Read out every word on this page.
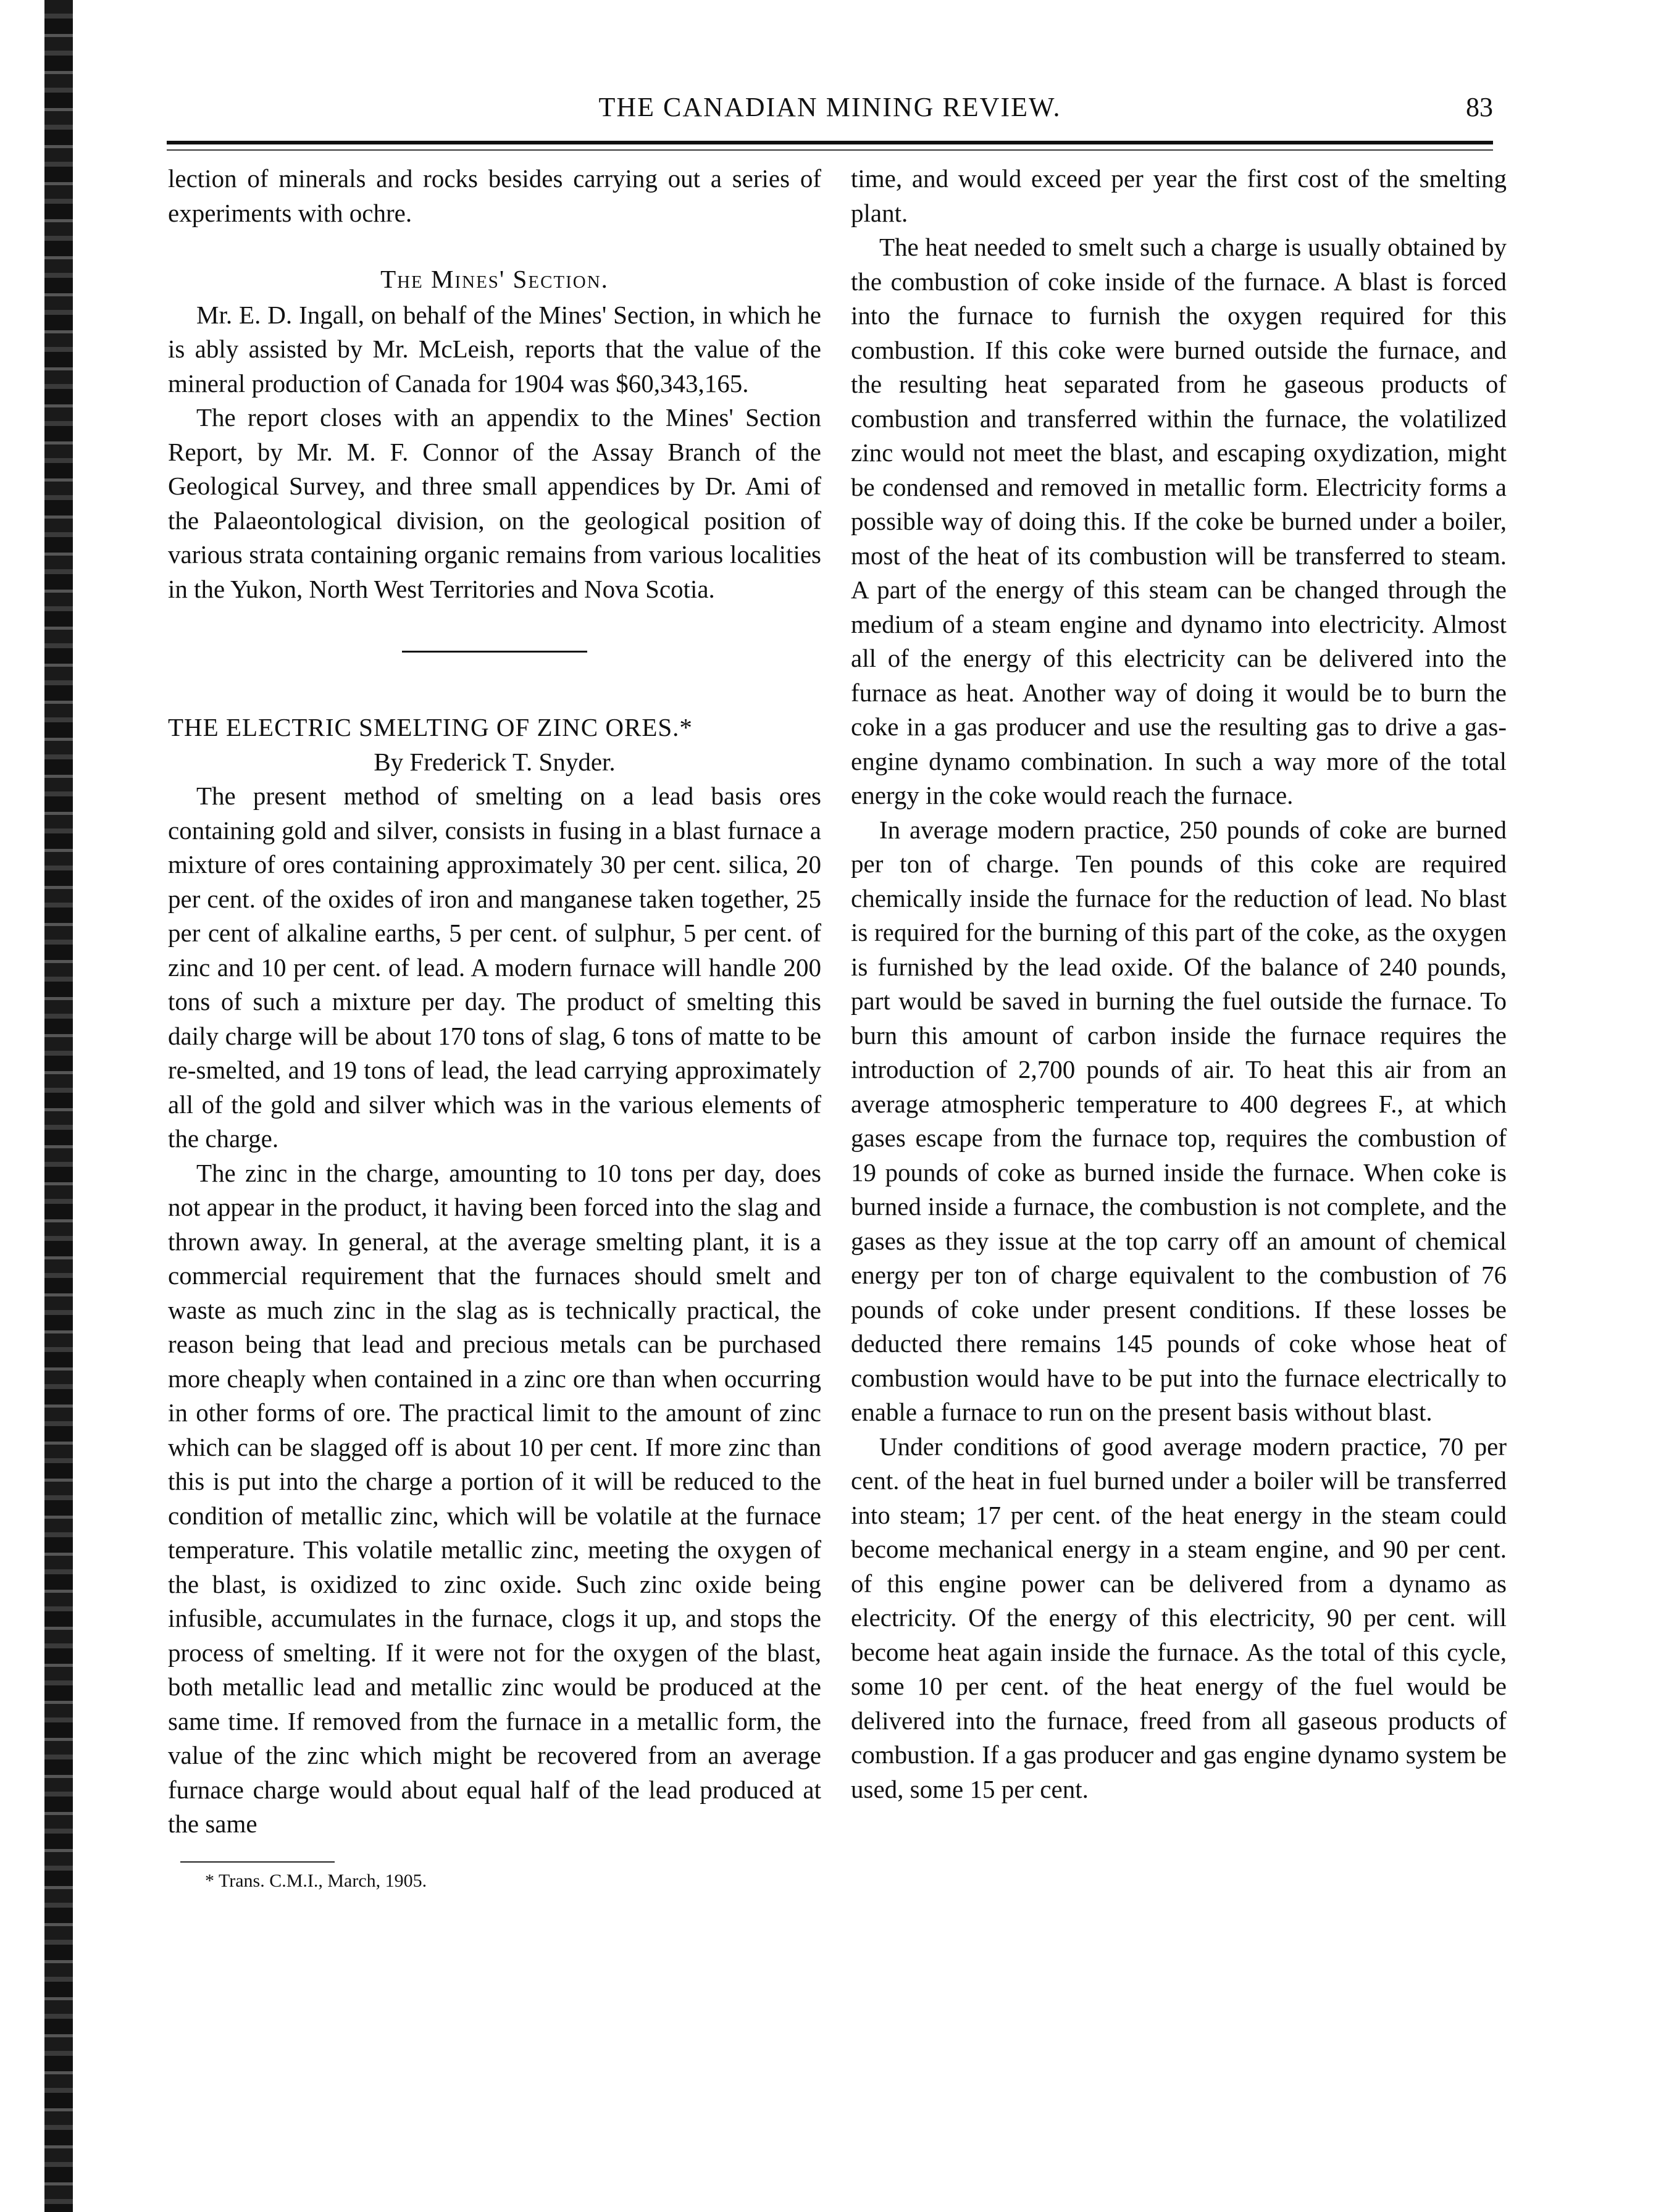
THE CANADIAN MINING REVIEW.	83

lection of minerals and rocks besides carrying out a series of experiments with ochre.

The Mines' Section.

Mr. E. D. Ingall, on behalf of the Mines' Section, in which he is ably assisted by Mr. McLeish, reports that the value of the mineral production of Canada for 1904 was $60,343,165.

The report closes with an appendix to the Mines' Section Report, by Mr. M. F. Connor of the Assay Branch of the Geological Survey, and three small appendices by Dr. Ami of the Palaeontological division, on the geological position of various strata containing organic remains from various localities in the Yukon, North West Territories and Nova Scotia.

THE ELECTRIC SMELTING OF ZINC ORES.*

By Frederick T. Snyder.

The present method of smelting on a lead basis ores containing gold and silver, consists in fusing in a blast furnace a mixture of ores containing approximately 30 per cent. silica, 20 per cent. of the oxides of iron and manganese taken together, 25 per cent of alkaline earths, 5 per cent. of sulphur, 5 per cent. of zinc and 10 per cent. of lead. A modern furnace will handle 200 tons of such a mixture per day. The product of smelting this daily charge will be about 170 tons of slag, 6 tons of matte to be re-smelted, and 19 tons of lead, the lead carrying approximately all of the gold and silver which was in the various elements of the charge.

The zinc in the charge, amounting to 10 tons per day, does not appear in the product, it having been forced into the slag and thrown away. In general, at the average smelting plant, it is a commercial requirement that the furnaces should smelt and waste as much zinc in the slag as is technically practical, the reason being that lead and precious metals can be purchased more cheaply when contained in a zinc ore than when occurring in other forms of ore. The practical limit to the amount of zinc which can be slagged off is about 10 per cent. If more zinc than this is put into the charge a portion of it will be reduced to the condition of metallic zinc, which will be volatile at the furnace temperature. This volatile metallic zinc, meeting the oxygen of the blast, is oxidized to zinc oxide. Such zinc oxide being infusible, accumulates in the furnace, clogs it up, and stops the process of smelting. If it were not for the oxygen of the blast, both metallic lead and metallic zinc would be produced at the same time. If removed from the furnace in a metallic form, the value of the zinc which might be recovered from an average furnace charge would about equal half of the lead produced at the same

* Trans. C.M.I., March, 1905.

time, and would exceed per year the first cost of the smelting plant.

The heat needed to smelt such a charge is usually obtained by the combustion of coke inside of the furnace. A blast is forced into the furnace to furnish the oxygen required for this combustion. If this coke were burned outside the furnace, and the resulting heat separated from he gaseous products of combustion and transferred within the furnace, the volatilized zinc would not meet the blast, and escaping oxydization, might be condensed and removed in metallic form. Electricity forms a possible way of doing this. If the coke be burned under a boiler, most of the heat of its combustion will be transferred to steam. A part of the energy of this steam can be changed through the medium of a steam engine and dynamo into electricity. Almost all of the energy of this electricity can be delivered into the furnace as heat. Another way of doing it would be to burn the coke in a gas producer and use the resulting gas to drive a gas-engine dynamo combination. In such a way more of the total energy in the coke would reach the furnace.

In average modern practice, 250 pounds of coke are burned per ton of charge. Ten pounds of this coke are required chemically inside the furnace for the reduction of lead. No blast is required for the burning of this part of the coke, as the oxygen is furnished by the lead oxide. Of the balance of 240 pounds, part would be saved in burning the fuel outside the furnace. To burn this amount of carbon inside the furnace requires the introduction of 2,700 pounds of air. To heat this air from an average atmospheric temperature to 400 degrees F., at which gases escape from the furnace top, requires the combustion of 19 pounds of coke as burned inside the furnace. When coke is burned inside a furnace, the combustion is not complete, and the gases as they issue at the top carry off an amount of chemical energy per ton of charge equivalent to the combustion of 76 pounds of coke under present conditions. If these losses be deducted there remains 145 pounds of coke whose heat of combustion would have to be put into the furnace electrically to enable a furnace to run on the present basis without blast.

Under conditions of good average modern practice, 70 per cent. of the heat in fuel burned under a boiler will be transferred into steam; 17 per cent. of the heat energy in the steam could become mechanical energy in a steam engine, and 90 per cent. of this engine power can be delivered from a dynamo as electricity. Of the energy of this electricity, 90 per cent. will become heat again inside the furnace. As the total of this cycle, some 10 per cent. of the heat energy of the fuel would be delivered into the furnace, freed from all gaseous products of combustion. If a gas producer and gas engine dynamo system be used, some 15 per cent.
